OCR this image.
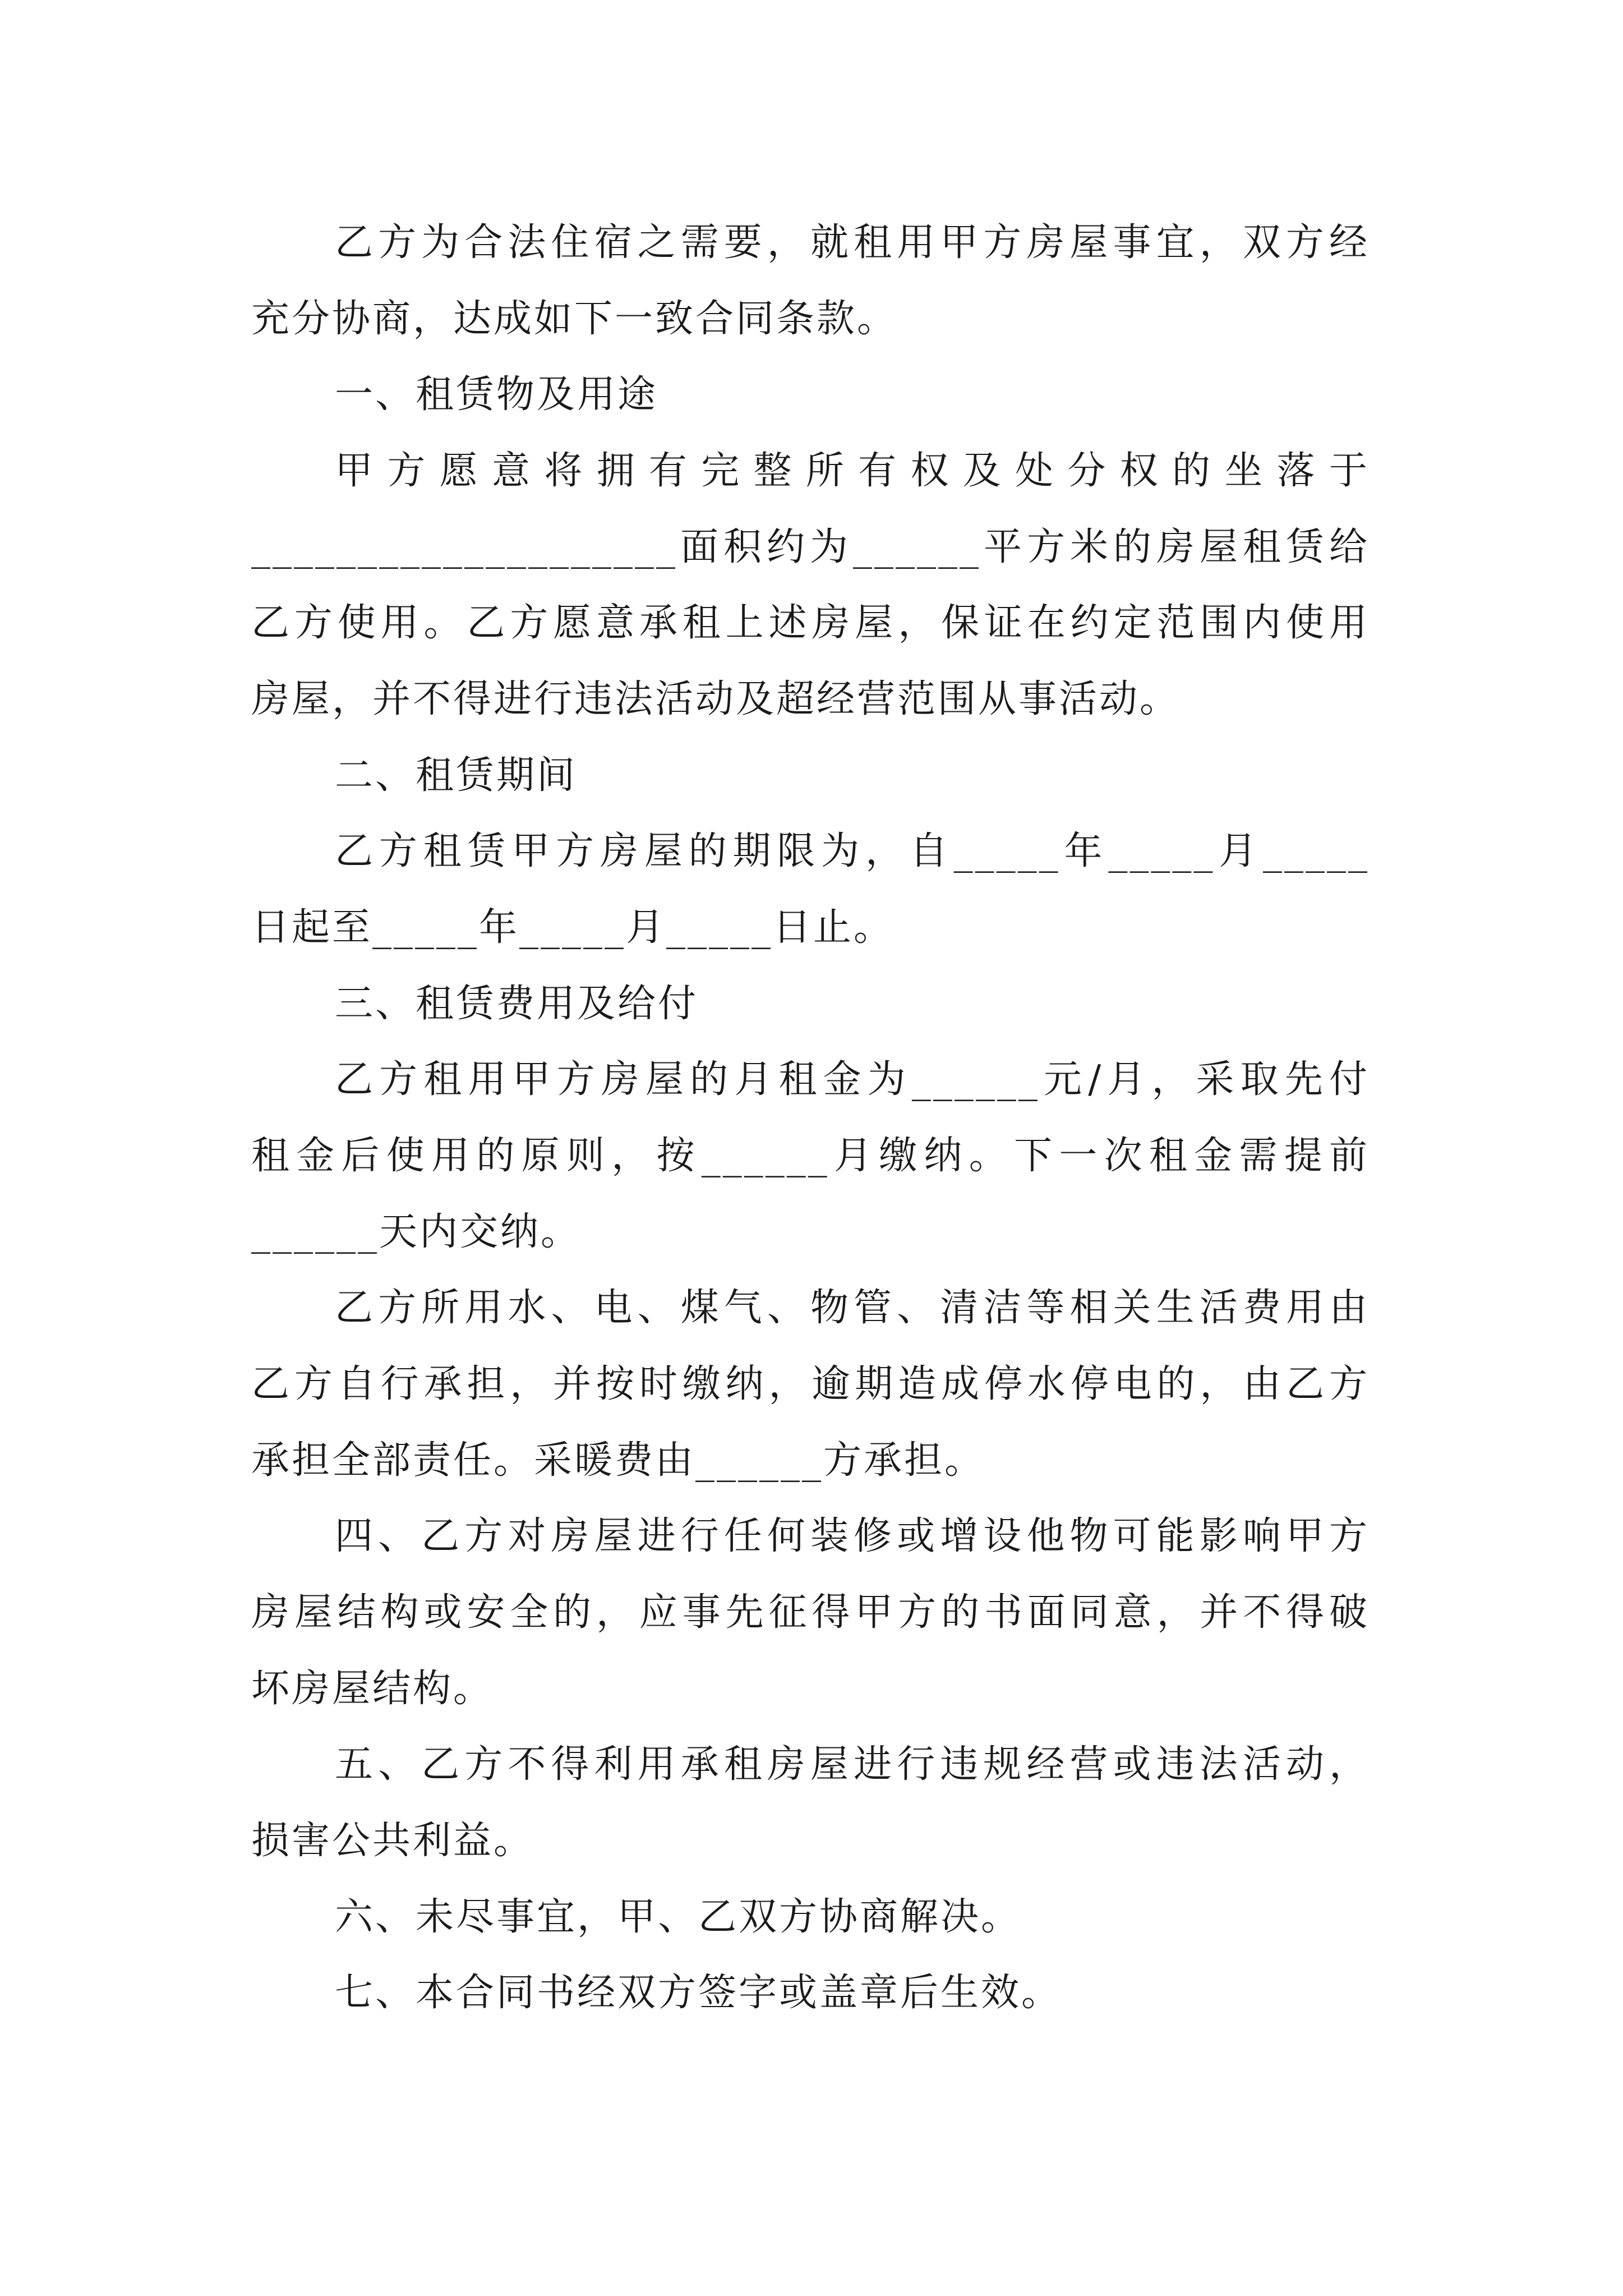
乙方为合法住宿之需要，就租用甲方房屋事宜，双方经
充分协商，达成如下一致合同条款。
一、租赁物及用途
甲方愿意将拥有完整所有权及处分权的坐落于
____________________面积约为______平方米的房屋租赁给
乙方使用。乙方愿意承租上述房屋，保证在约定范围内使用
房屋，并不得进行违法活动及超经营范围从事活动。
二、租赁期间
乙方租赁甲方房屋的期限为，自_____年_____月_____
日起至_____年_____月_____日止。
三、租赁费用及给付
乙方租用甲方房屋的月租金为______元/月，采取先付
租金后使用的原则，按______月缴纳。下一次租金需提前
______天内交纳。
乙方所用水、电、煤气、物管、清洁等相关生活费用由
乙方自行承担，并按时缴纳，逾期造成停水停电的，由乙方
承担全部责任。采暖费由______方承担。
四、乙方对房屋进行任何装修或增设他物可能影响甲方
房屋结构或安全的，应事先征得甲方的书面同意，并不得破
坏房屋结构。
五、乙方不得利用承租房屋进行违规经营或违法活动，
损害公共利益。
六、未尽事宜，甲、乙双方协商解决。
七、本合同书经双方签字或盖章后生效。
